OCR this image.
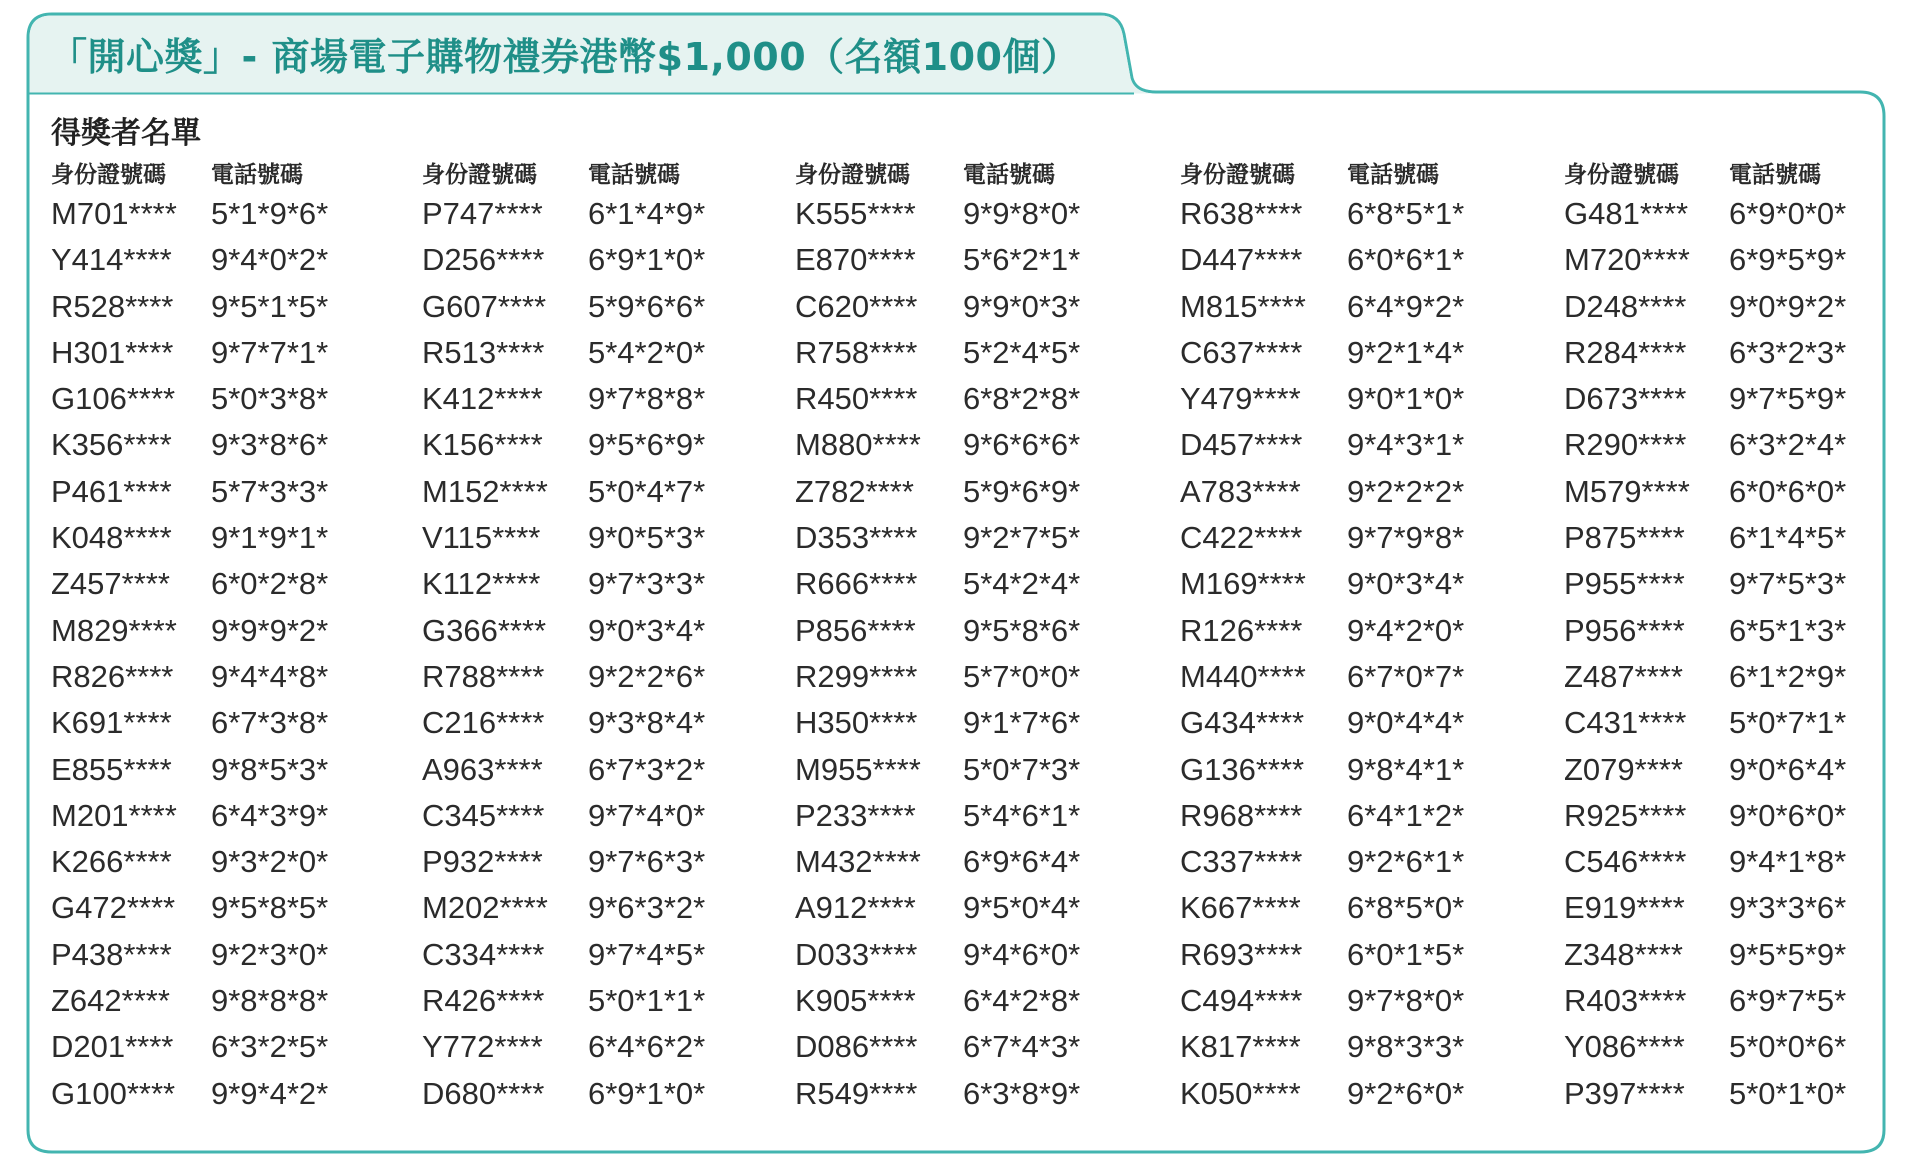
「開心獎」- 商場電子購物禮券港幣$1,000（名額100個）
得獎者名單
身份證號碼 電話號碼
M701**** 5*1*9*6*
Y414**** 9*4*0*2*
R528**** 9*5*1*5*
H301**** 9*7*7*1*
G106**** 5*0*3*8*
K356**** 9*3*8*6*
P461**** 5*7*3*3*
K048**** 9*1*9*1*
Z457**** 6*0*2*8*
M829**** 9*9*9*2*
R826**** 9*4*4*8*
K691**** 6*7*3*8*
E855**** 9*8*5*3*
M201**** 6*4*3*9*
K266**** 9*3*2*0*
G472**** 9*5*8*5*
P438**** 9*2*3*0*
Z642**** 9*8*8*8*
D201**** 6*3*2*5*
G100**** 9*9*4*2*
身份證號碼 電話號碼
P747**** 6*1*4*9*
D256**** 6*9*1*0*
G607**** 5*9*6*6*
R513**** 5*4*2*0*
K412**** 9*7*8*8*
K156**** 9*5*6*9*
M152**** 5*0*4*7*
V115**** 9*0*5*3*
K112**** 9*7*3*3*
G366**** 9*0*3*4*
R788**** 9*2*2*6*
C216**** 9*3*8*4*
A963**** 6*7*3*2*
C345**** 9*7*4*0*
P932**** 9*7*6*3*
M202**** 9*6*3*2*
C334**** 9*7*4*5*
R426**** 5*0*1*1*
Y772**** 6*4*6*2*
D680**** 6*9*1*0*
身份證號碼 電話號碼
K555**** 9*9*8*0*
E870**** 5*6*2*1*
C620**** 9*9*0*3*
R758**** 5*2*4*5*
R450**** 6*8*2*8*
M880**** 9*6*6*6*
Z782**** 5*9*6*9*
D353**** 9*2*7*5*
R666**** 5*4*2*4*
P856**** 9*5*8*6*
R299**** 5*7*0*0*
H350**** 9*1*7*6*
M955**** 5*0*7*3*
P233**** 5*4*6*1*
M432**** 6*9*6*4*
A912**** 9*5*0*4*
D033**** 9*4*6*0*
K905**** 6*4*2*8*
D086**** 6*7*4*3*
R549**** 6*3*8*9*
身份證號碼 電話號碼
R638**** 6*8*5*1*
D447**** 6*0*6*1*
M815**** 6*4*9*2*
C637**** 9*2*1*4*
Y479**** 9*0*1*0*
D457**** 9*4*3*1*
A783**** 9*2*2*2*
C422**** 9*7*9*8*
M169**** 9*0*3*4*
R126**** 9*4*2*0*
M440**** 6*7*0*7*
G434**** 9*0*4*4*
G136**** 9*8*4*1*
R968**** 6*4*1*2*
C337**** 9*2*6*1*
K667**** 6*8*5*0*
R693**** 6*0*1*5*
C494**** 9*7*8*0*
K817**** 9*8*3*3*
K050**** 9*2*6*0*
身份證號碼 電話號碼
G481**** 6*9*0*0*
M720**** 6*9*5*9*
D248**** 9*0*9*2*
R284**** 6*3*2*3*
D673**** 9*7*5*9*
R290**** 6*3*2*4*
M579**** 6*0*6*0*
P875**** 6*1*4*5*
P955**** 9*7*5*3*
P956**** 6*5*1*3*
Z487**** 6*1*2*9*
C431**** 5*0*7*1*
Z079**** 9*0*6*4*
R925**** 9*0*6*0*
C546**** 9*4*1*8*
E919**** 9*3*3*6*
Z348**** 9*5*5*9*
R403**** 6*9*7*5*
Y086**** 5*0*0*6*
P397**** 5*0*1*0*
